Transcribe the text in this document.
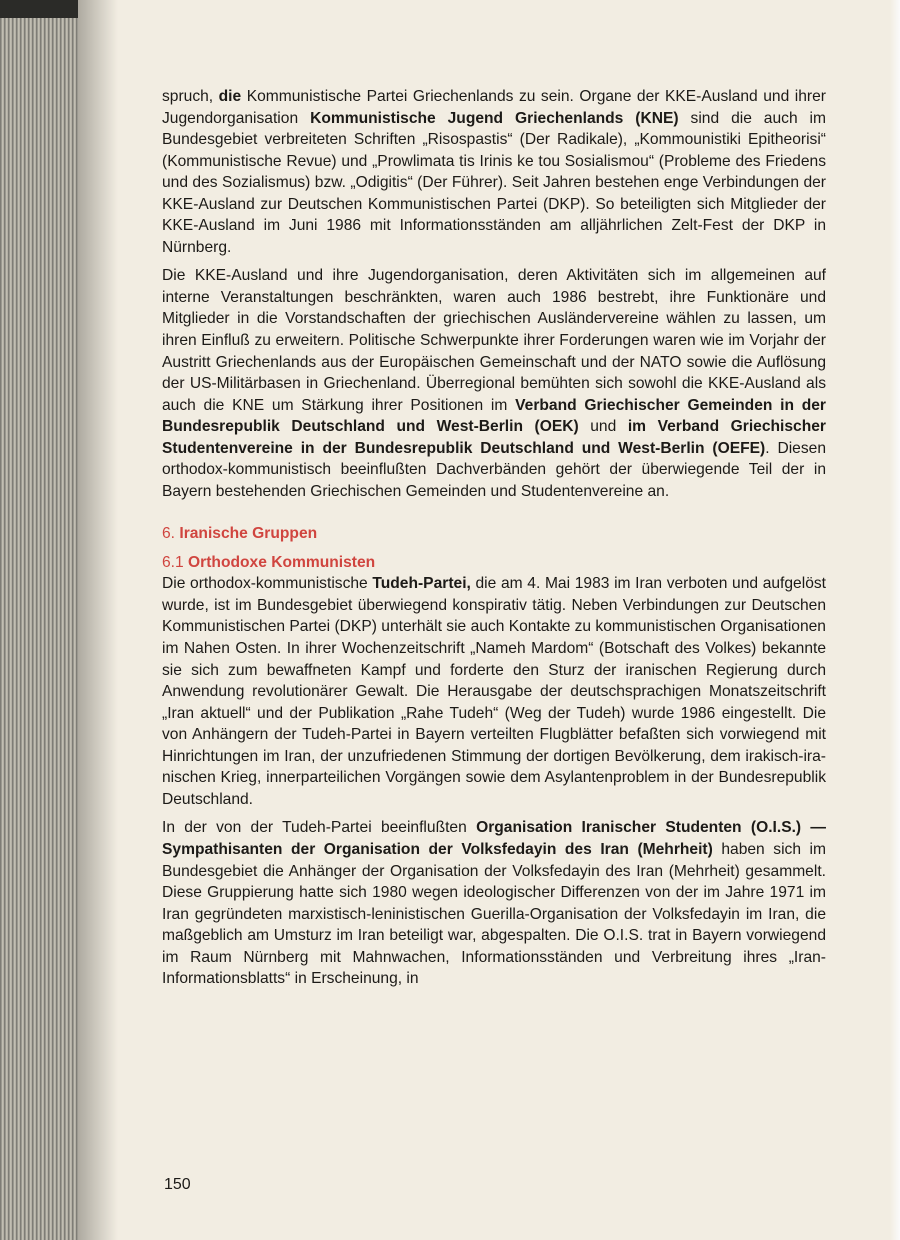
spruch, die Kommunistische Partei Griechenlands zu sein. Organe der KKE-Ausland und ihrer Jugendorganisation Kommunistische Jugend Griechenlands (KNE) sind die auch im Bundesgebiet verbreiteten Schriften „Risospastis“ (Der Radikale), „Kommounistiki Epitheorisi“ (Kommunistische Revue) und „Prowlimata tis Irinis ke tou Sosialismou“ (Probleme des Friedens und des Sozialismus) bzw. „Odigitis“ (Der Führer). Seit Jahren bestehen enge Verbindungen der KKE-Ausland zur Deutschen Kommunistischen Partei (DKP). So beteiligten sich Mitglieder der KKE-Ausland im Juni 1986 mit Informationsständen am alljährlichen Zelt-Fest der DKP in Nürnberg.

Die KKE-Ausland und ihre Jugendorganisation, deren Aktivitäten sich im allgemeinen auf interne Veranstaltungen beschränkten, waren auch 1986 bestrebt, ihre Funktionäre und Mitglieder in die Vorstandschaften der griechischen Ausländervereine wählen zu lassen, um ihren Einfluß zu erweitern. Politische Schwerpunkte ihrer Forderungen waren wie im Vorjahr der Austritt Griechenlands aus der Europäischen Gemeinschaft und der NATO sowie die Auflösung der US-Militärbasen in Griechenland. Überregional bemühten sich sowohl die KKE-Ausland als auch die KNE um Stärkung ihrer Positionen im Verband Griechischer Gemeinden in der Bundesrepublik Deutschland und West-Berlin (OEK) und im Verband Griechischer Studentenvereine in der Bundesrepublik Deutschland und West-Berlin (OEFE). Diesen orthodox-kommunistisch beeinflußten Dachverbänden gehört der überwiegende Teil der in Bayern bestehenden Griechischen Gemeinden und Studentenvereine an.

6. Iranische Gruppen
6.1 Orthodoxe Kommunisten

Die orthodox-kommunistische Tudeh-Partei, die am 4. Mai 1983 im Iran verboten und aufgelöst wurde, ist im Bundesgebiet überwiegend konspirativ tätig. Neben Verbindungen zur Deutschen Kommunistischen Partei (DKP) unterhält sie auch Kontakte zu kommunistischen Organisationen im Nahen Osten. In ihrer Wochenzeitschrift „Nameh Mardom“ (Botschaft des Volkes) bekannte sie sich zum bewaffneten Kampf und forderte den Sturz der iranischen Regierung durch Anwendung revolutionärer Gewalt. Die Herausgabe der deutschsprachigen Monatszeitschrift „Iran aktuell“ und der Publikation „Rahe Tudeh“ (Weg der Tudeh) wurde 1986 eingestellt. Die von Anhängern der Tudeh-Partei in Bayern verteilten Flugblätter befaßten sich vorwiegend mit Hinrichtungen im Iran, der unzufriedenen Stimmung der dortigen Bevölkerung, dem irakisch-iranischen Krieg, innerparteilichen Vorgängen sowie dem Asylantenproblem in der Bundesrepublik Deutschland.

In der von der Tudeh-Partei beeinflußten Organisation Iranischer Studenten (O.I.S.) — Sympathisanten der Organisation der Volksfedayin des Iran (Mehrheit) haben sich im Bundesgebiet die Anhänger der Organisation der Volksfedayin des Iran (Mehrheit) gesammelt. Diese Gruppierung hatte sich 1980 wegen ideologischer Differenzen von der im Jahre 1971 im Iran gegründeten marxistisch-leninistischen Guerilla-Organisation der Volksfedayin im Iran, die maßgeblich am Umsturz im Iran beteiligt war, abgespalten. Die O.I.S. trat in Bayern vorwiegend im Raum Nürnberg mit Mahnwachen, Informationsständen und Verbreitung ihres „Iran-Informationsblatts“ in Erscheinung, in

150
